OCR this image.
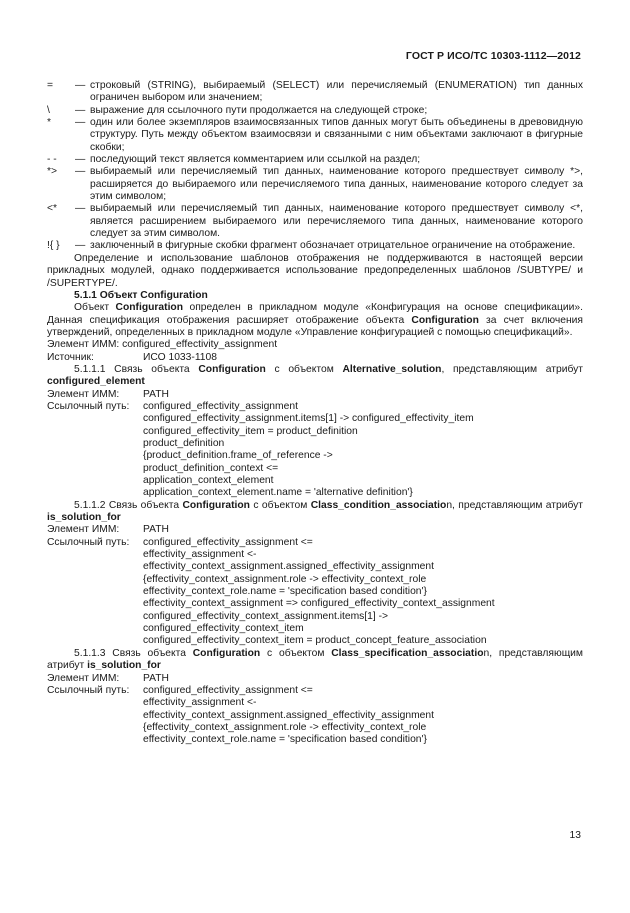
ГОСТ Р ИСО/ТС 10303-1112—2012
=	— строковый (STRING), выбираемый (SELECT) или перечисляемый (ENUMERATION) тип данных ограничен выбором или значением;
\	— выражение для ссылочного пути продолжается на следующей строке;
*	— один или более экземпляров взаимосвязанных типов данных могут быть объединены в древовидную структуру. Путь между объектом взаимосвязи и связанными с ним объектами заключают в фигурные скобки;
- -	— последующий текст является комментарием или ссылкой на раздел;
*>	— выбираемый или перечисляемый тип данных, наименование которого предшествует символу *>, расширяется до выбираемого или перечисляемого типа данных, наименование которого следует за этим символом;
<*	— выбираемый или перечисляемый тип данных, наименование которого предшествует символу <*, является расширением выбираемого или перечисляемого типа данных, наименование которого следует за этим символом.
!{ }	— заключенный в фигурные скобки фрагмент обозначает отрицательное ограничение на отображение.
Определение и использование шаблонов отображения не поддерживаются в настоящей версии прикладных модулей, однако поддерживается использование предопределенных шаблонов /SUBTYPE/ и /SUPERTYPE/.
5.1.1 Объект Configuration
Объект Configuration определен в прикладном модуле «Конфигурация на основе спецификации». Данная спецификация отображения расширяет отображение объекта Configuration за счет включения утверждений, определенных в прикладном модуле «Управление конфигурацией с помощью спецификаций».
Элемент ИММ: configured_effectivity_assignment
Источник:	ИСО 1033-1108
5.1.1.1 Связь объекта Configuration с объектом Alternative_solution, представляющим атрибут configured_element
Элемент ИММ:	PATH
Ссылочный путь:	configured_effectivity_assignment
configured_effectivity_assignment.items[1] -> configured_effectivity_item
configured_effectivity_item = product_definition
product_definition
{product_definition.frame_of_reference ->
product_definition_context <=
application_context_element
application_context_element.name = 'alternative definition'}
5.1.1.2 Связь объекта Configuration с объектом Class_condition_association, представляющим атрибут is_solution_for
Элемент ИММ:	PATH
Ссылочный путь:	configured_effectivity_assignment <=
effectivity_assignment <-
effectivity_context_assignment.assigned_effectivity_assignment
{effectivity_context_assignment.role -> effectivity_context_role
effectivity_context_role.name = 'specification based condition'}
effectivity_context_assignment => configured_effectivity_context_assignment
configured_effectivity_context_assignment.items[1] ->
configured_effectivity_context_item
configured_effectivity_context_item = product_concept_feature_association
5.1.1.3 Связь объекта Configuration с объектом Class_specification_association, представляющим атрибут is_solution_for
Элемент ИММ:	PATH
Ссылочный путь:	configured_effectivity_assignment <=
effectivity_assignment <-
effectivity_context_assignment.assigned_effectivity_assignment
{effectivity_context_assignment.role -> effectivity_context_role
effectivity_context_role.name = 'specification based condition'}
13
